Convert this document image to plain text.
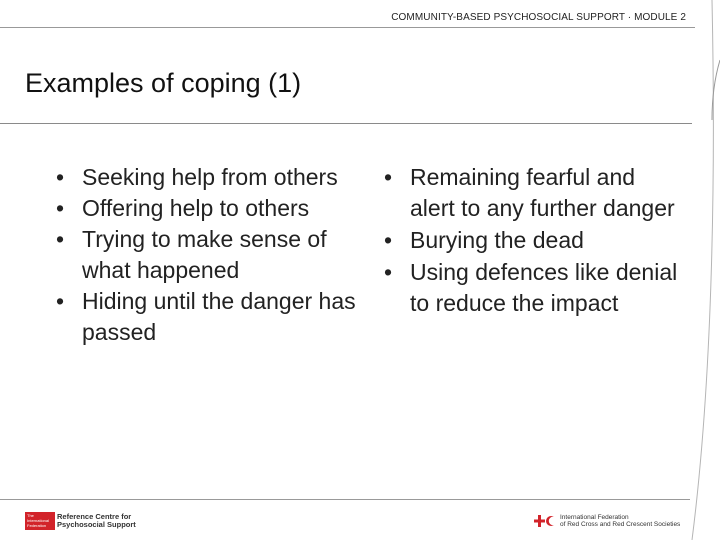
COMMUNITY-BASED PSYCHOSOCIAL SUPPORT · MODULE 2
Examples of coping (1)
• Seeking help from others
• Offering help to others
• Trying to make sense of what happened
• Hiding until the danger has passed
• Remaining fearful and alert to any further danger
• Burying the dead
• Using defences like denial to reduce the impact
The International Federation
Reference Centre for
Psychosocial Support
International Federation
of Red Cross and Red Crescent Societies
